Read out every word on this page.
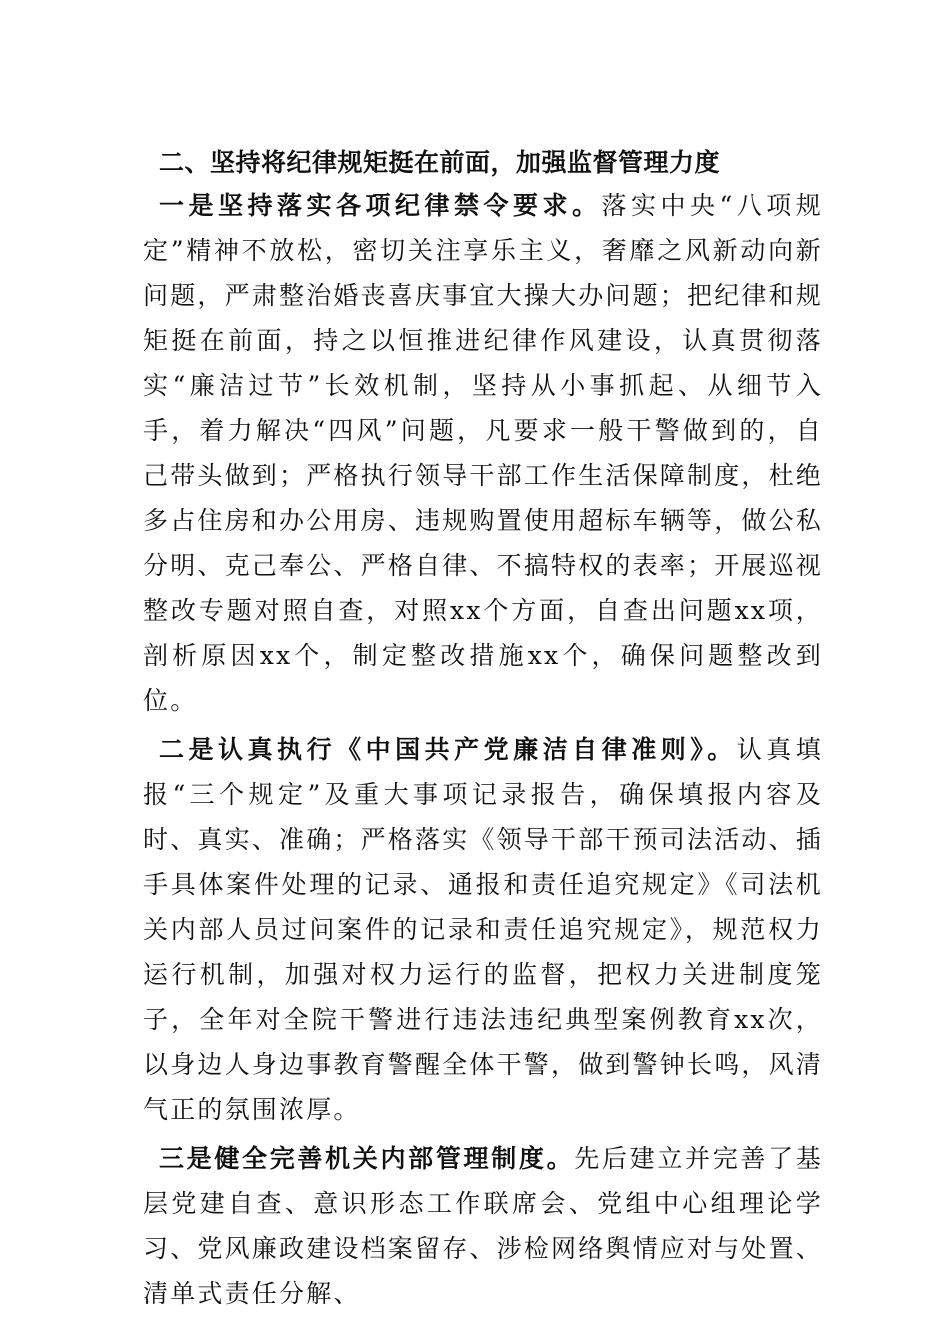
二、坚持将纪律规矩挺在前面，加强监督管理力度

一是坚持落实各项纪律禁令要求。落实中央“八项规定”精神不放松，密切关注享乐主义，奢靡之风新动向新问题，严肃整治婚丧喜庆事宜大操大办问题；把纪律和规矩挺在前面，持之以恒推进纪律作风建设，认真贯彻落实“廉洁过节”长效机制，坚持从小事抓起、从细节入手，着力解决“四风”问题，凡要求一般干警做到的，自己带头做到；严格执行领导干部工作生活保障制度，杜绝多占住房和办公用房、违规购置使用超标车辆等，做公私分明、克己奉公、严格自律、不搞特权的表率；开展巡视整改专题对照自查，对照xx个方面，自查出问题xx项，剖析原因xx个，制定整改措施xx个，确保问题整改到位。

二是认真执行《中国共产党廉洁自律准则》。认真填报“三个规定”及重大事项记录报告，确保填报内容及时、真实、准确；严格落实《领导干部干预司法活动、插手具体案件处理的记录、通报和责任追究规定》《司法机关内部人员过问案件的记录和责任追究规定》，规范权力运行机制，加强对权力运行的监督，把权力关进制度笼子，全年对全院干警进行违法违纪典型案例教育xx次，以身边人身边事教育警醒全体干警，做到警钟长鸣，风清气正的氛围浓厚。

三是健全完善机关内部管理制度。先后建立并完善了基层党建自查、意识形态工作联席会、党组中心组理论学习、党风廉政建设档案留存、涉检网络舆情应对与处置、清单式责任分解、
